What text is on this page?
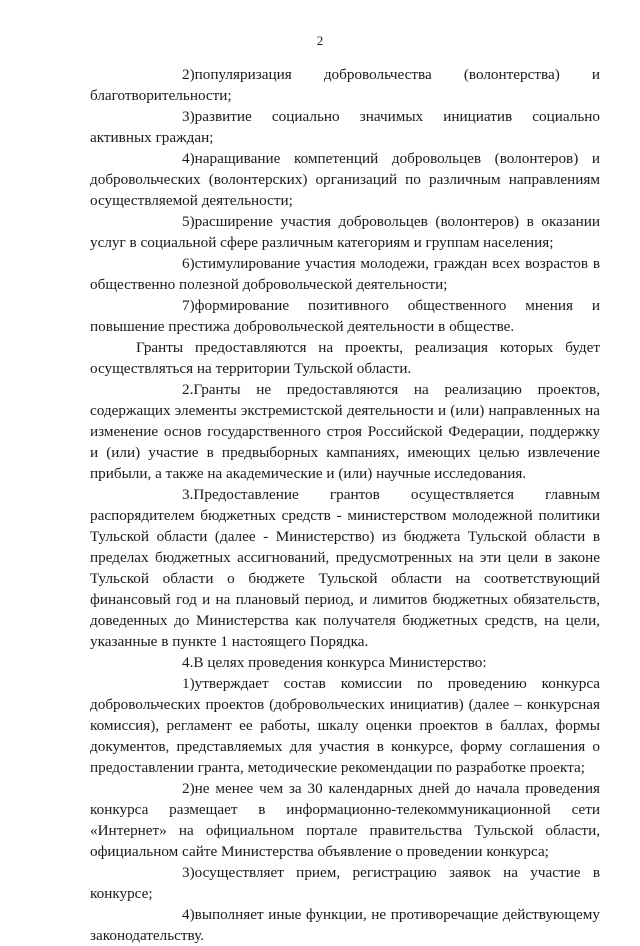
2

2)популяризация добровольчества (волонтерства) и благотворительности;

3)развитие социально значимых инициатив социально активных граждан;

4)наращивание компетенций добровольцев (волонтеров) и добровольческих (волонтерских) организаций по различным направлениям осуществляемой деятельности;

5)расширение участия добровольцев (волонтеров) в оказании услуг в социальной сфере различным категориям и группам населения;

6)стимулирование участия молодежи, граждан всех возрастов в общественно полезной добровольческой деятельности;

7)формирование позитивного общественного мнения и повышение престижа добровольческой деятельности в обществе.

Гранты предоставляются на проекты, реализация которых будет осуществляться на территории Тульской области.

2.Гранты не предоставляются на реализацию проектов, содержащих элементы экстремистской деятельности и (или) направленных на изменение основ государственного строя Российской Федерации, поддержку и (или) участие в предвыборных кампаниях, имеющих целью извлечение прибыли, а также на академические и (или) научные исследования.

3.Предоставление грантов осуществляется главным распорядителем бюджетных средств - министерством молодежной политики Тульской области (далее - Министерство) из бюджета Тульской области в пределах бюджетных ассигнований, предусмотренных на эти цели в законе Тульской области о бюджете Тульской области на соответствующий финансовый год и на плановый период, и лимитов бюджетных обязательств, доведенных до Министерства как получателя бюджетных средств, на цели, указанные в пункте 1 настоящего Порядка.

4.В целях проведения конкурса Министерство:

1)утверждает состав комиссии по проведению конкурса добровольческих проектов (добровольческих инициатив) (далее – конкурсная комиссия), регламент ее работы, шкалу оценки проектов в баллах, формы документов, представляемых для участия в конкурсе, форму соглашения о предоставлении гранта, методические рекомендации по разработке проекта;

2)не менее чем за 30 календарных дней до начала проведения конкурса размещает в информационно-телекоммуникационной сети «Интернет» на официальном портале правительства Тульской области, официальном сайте Министерства объявление о проведении конкурса;

3)осуществляет прием, регистрацию заявок на участие в конкурсе;

4)выполняет иные функции, не противоречащие действующему законодательству.
